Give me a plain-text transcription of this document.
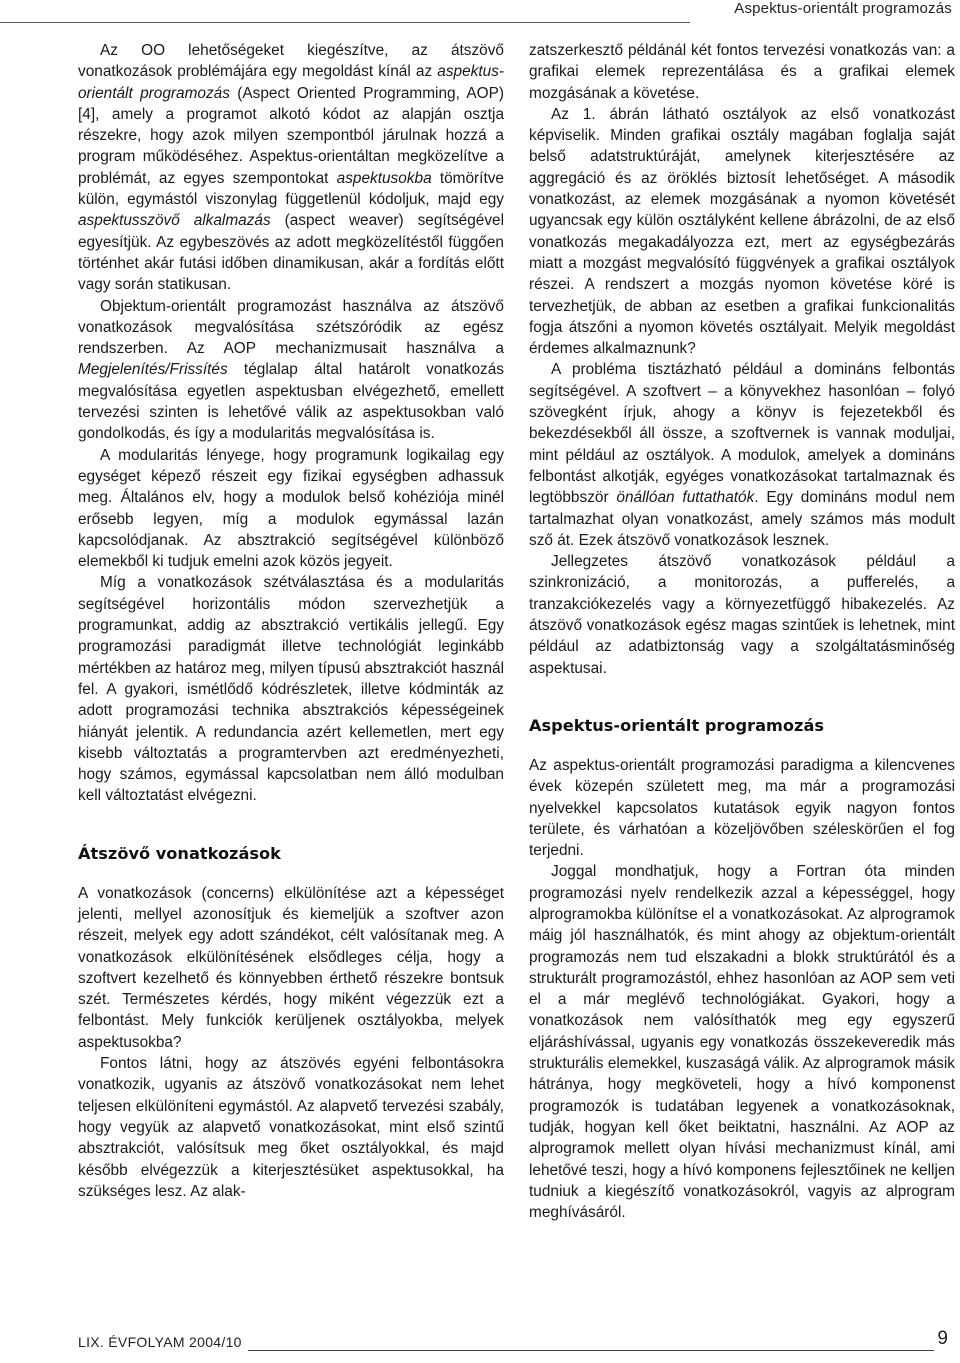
Aspektus-orientált programozás

Az OO lehetőségeket kiegészítve, az átszövő vonatkozások problémájára egy megoldást kínál az aspektus-orientált programozás (Aspect Oriented Programming, AOP) [4], amely a programot alkotó kódot az alapján osztja részekre, hogy azok milyen szempontból járulnak hozzá a program működéséhez. Aspektus-orientáltan megközelítve a problémát, az egyes szempontokat aspektusokba tömörítve külön, egymástól viszonylag függetlenül kódoljuk, majd egy aspektusszövő alkalmazás (aspect weaver) segítségével egyesítjük. Az egybeszövés az adott megközelítéstől függően történhet akár futási időben dinamikusan, akár a fordítás előtt vagy során statikusan.

Objektum-orientált programozást használva az átszövő vonatkozások megvalósítása szétszóródik az egész rendszerben. Az AOP mechanizmusait használva a Megjelenítés/Frissítés téglalap által határolt vonatkozás megvalósítása egyetlen aspektusban elvégezhető, emellett tervezési szinten is lehetővé válik az aspektusokban való gondolkodás, és így a modularitás megvalósítása is.

A modularitás lényege, hogy programunk logikailag egy egységet képező részeit egy fizikai egységben adhassuk meg. Általános elv, hogy a modulok belső kohéziója minél erősebb legyen, míg a modulok egymással lazán kapcsolódjanak. Az absztrakció segítségével különböző elemekből ki tudjuk emelni azok közös jegyeit.

Míg a vonatkozások szétválasztása és a modularitás segítségével horizontális módon szervezhetjük a programunkat, addig az absztrakció vertikális jellegű. Egy programozási paradigmát illetve technológiát leginkább mértékben az határoz meg, milyen típusú absztrakciót használ fel. A gyakori, ismétlődő kódrészletek, illetve kódminták az adott programozási technika absztrakciós képességeinek hiányát jelentik. A redundancia azért kellemetlen, mert egy kisebb változtatás a programtervben azt eredményezheti, hogy számos, egymással kapcsolatban nem álló modulban kell változtatást elvégezni.

Átszövő vonatkozások

A vonatkozások (concerns) elkülönítése azt a képességet jelenti, mellyel azonosítjuk és kiemeljük a szoftver azon részeit, melyek egy adott szándékot, célt valósítanak meg. A vonatkozások elkülönítésének elsődleges célja, hogy a szoftvert kezelhető és könnyebben érthető részekre bontsuk szét. Természetes kérdés, hogy miként végezzük ezt a felbontást. Mely funkciók kerüljenek osztályokba, melyek aspektusokba?

Fontos látni, hogy az átszövés egyéni felbontásokra vonatkozik, ugyanis az átszövő vonatkozásokat nem lehet teljesen elkülöníteni egymástól. Az alapvető tervezési szabály, hogy vegyük az alapvető vonatkozásokat, mint első szintű absztrakciót, valósítsuk meg őket osztályokkal, és majd később elvégezzük a kiterjesztésüket aspektusokkal, ha szükséges lesz. Az alak-

zatszerkesztő példánál két fontos tervezési vonatkozás van: a grafikai elemek reprezentálása és a grafikai elemek mozgásának a követése.

Az 1. ábrán látható osztályok az első vonatkozást képviselik. Minden grafikai osztály magában foglalja saját belső adatstruktúráját, amelynek kiterjesztésére az aggregáció és az öröklés biztosít lehetőséget. A második vonatkozást, az elemek mozgásának a nyomon követését ugyancsak egy külön osztályként kellene ábrázolni, de az első vonatkozás megakadályozza ezt, mert az egységbezárás miatt a mozgást megvalósító függvények a grafikai osztályok részei. A rendszert a mozgás nyomon követése köré is tervezhetjük, de abban az esetben a grafikai funkcionalitás fogja átszőni a nyomon követés osztályait. Melyik megoldást érdemes alkalmaznunk?

A probléma tisztázható például a domináns felbontás segítségével. A szoftvert – a könyvekhez hasonlóan – folyó szövegként írjuk, ahogy a könyv is fejezetekből és bekezdésekből áll össze, a szoftvernek is vannak moduljai, mint például az osztályok. A modulok, amelyek a domináns felbontást alkotják, egyéges vonatkozásokat tartalmaznak és legtöbbször önállóan futtathatók. Egy domináns modul nem tartalmazhat olyan vonatkozást, amely számos más modult sző át. Ezek átszövő vonatkozások lesznek.

Jellegzetes átszövő vonatkozások például a szinkronizáció, a monitorozás, a pufferelés, a tranzakciókezelés vagy a környezetfüggő hibakezelés. Az átszövő vonatkozások egész magas szintűek is lehetnek, mint például az adatbiztonság vagy a szolgáltatásminőség aspektusai.

Aspektus-orientált programozás

Az aspektus-orientált programozási paradigma a kilencvenes évek közepén született meg, ma már a programozási nyelvekkel kapcsolatos kutatások egyik nagyon fontos területe, és várhatóan a közeljövőben széleskörűen el fog terjedni.

Joggal mondhatjuk, hogy a Fortran óta minden programozási nyelv rendelkezik azzal a képességgel, hogy alprogramokba különítse el a vonatkozásokat. Az alprogramok máig jól használhatók, és mint ahogy az objektum-orientált programozás nem tud elszakadni a blokk struktúrától és a strukturált programozástól, ehhez hasonlóan az AOP sem veti el a már meglévő technológiákat. Gyakori, hogy a vonatkozások nem valósíthatók meg egy egyszerű eljáráshívással, ugyanis egy vonatkozás összekeveredik más strukturális elemekkel, kuszaságá válik. Az alprogramok másik hátránya, hogy megköveteli, hogy a hívó komponenst programozók is tudatában legyenek a vonatkozásoknak, tudják, hogyan kell őket beiktatni, használni. Az AOP az alprogramok mellett olyan hívási mechanizmust kínál, ami lehetővé teszi, hogy a hívó komponens fejlesztőinek ne kelljen tudniuk a kiegészítő vonatkozásokról, vagyis az alprogram meghívásáról.

LIX. ÉVFOLYAM 2004/10	9
